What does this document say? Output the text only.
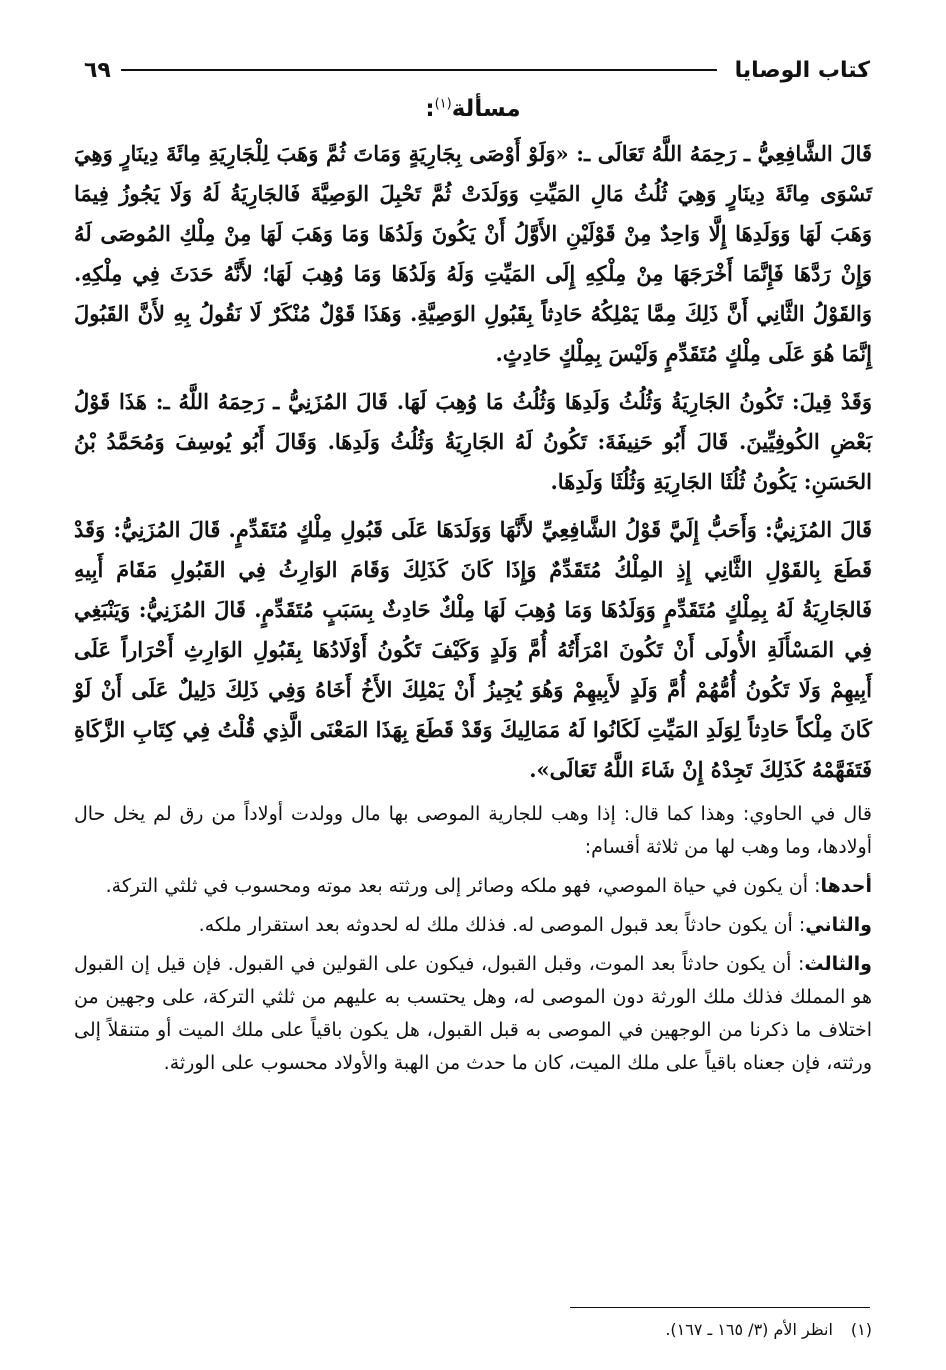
كتاب الوصايا
٦٩
مسألة$^{(١)}$:

قَالَ الشَّافِعِيُّ ـ رَحِمَهُ اللَّهُ تَعَالَى ـ: «وَلَوْ أَوْصَى بِجَارِيَةٍ وَمَاتَ ثُمَّ وَهَبَ لِلْجَارِيَةِ مِائَةَ دِينَارٍ وَهِيَ تَسْوَى مِائَةَ دِينَارٍ وَهِيَ ثُلُثُ مَالِ المَيِّتِ وَوَلَدَتْ ثُمَّ تَحْبِلَ الوَصِيَّةَ فَالجَارِيَةُ لَهُ وَلَا يَجُوزُ فِيمَا وَهَبَ لَهَا وَوَلَدِهَا إِلَّا وَاحِدٌ مِنْ قَوْلَيْنِ الأَوَّلُ أَنْ يَكُونَ وَلَدُهَا وَمَا وَهَبَ لَهَا مِنْ مِلْكِ المُوصَى لَهُ وَإِنْ رَدَّهَا فَإِنَّمَا أَخْرَجَهَا مِنْ مِلْكِهِ إِلَى المَيِّتِ وَلَهُ وَلَدُهَا وَمَا وُهِبَ لَهَا؛ لأَنَّهُ حَدَثَ فِي مِلْكِهِ. وَالقَوْلُ الثَّانِي أَنَّ ذَلِكَ مِمَّا يَمْلِكُهُ حَادِثاً بِقَبُولِ الوَصِيَّةِ. وَهَذَا قَوْلٌ مُنْكَرٌ لَا نَقُولُ بِهِ لأَنَّ القَبُولَ إِنَّمَا هُوَ عَلَى مِلْكٍ مُتَقَدِّمٍ وَلَيْسَ بِمِلْكٍ حَادِثٍ.

وَقَدْ قِيلَ: تَكُونُ الجَارِيَةُ وَثُلُثُ وَلَدِهَا وَثُلُثُ مَا وُهِبَ لَهَا. قَالَ المُزَنِيُّ ـ رَحِمَهُ اللَّهُ ـ: هَذَا قَوْلُ بَعْضِ الكُوفِيِّينَ. قَالَ أَبُو حَنِيفَةَ: تَكُونُ لَهُ الجَارِيَةُ وَثُلُثُ وَلَدِهَا. وَقَالَ أَبُو يُوسِفَ وَمُحَمَّدُ بْنُ الحَسَنِ: يَكُونُ ثُلُثَا الجَارِيَةِ وَثُلُثَا وَلَدِهَا.

قَالَ المُزَنِيُّ: وَأَحَبُّ إِلَيَّ قَوْلُ الشَّافِعِيِّ لأَنَّهَا وَوَلَدَهَا عَلَى قَبُولِ مِلْكٍ مُتَقَدِّمٍ. قَالَ المُزَنِيُّ: وَقَدْ قَطَعَ بِالقَوْلِ الثَّانِي إِذِ المِلْكُ مُتَقَدِّمٌ وَإِذَا كَانَ كَذَلِكَ وَقَامَ الوَارِثُ فِي القَبُولِ مَقَامَ أَبِيهِ فَالجَارِيَةُ لَهُ بِمِلْكٍ مُتَقَدِّمٍ وَوَلَدُهَا وَمَا وُهِبَ لَهَا مِلْكٌ حَادِثٌ بِسَبَبٍ مُتَقَدِّمٍ. قَالَ المُزَنِيُّ: وَيَنْبَغِي فِي المَسْأَلَةِ الأُولَى أَنْ تَكُونَ امْرَأَتُهُ أُمَّ وَلَدٍ وَكَيْفَ تَكُونُ أَوْلَادُهَا بِقَبُولِ الوَارِثِ أَحْرَاراً عَلَى أَبِيهِمْ وَلَا تَكُونُ أُمُّهُمْ أُمَّ وَلَدٍ لأَبِيهِمْ وَهُوَ يُجِيزُ أَنْ يَمْلِكَ الأَخُ أَخَاهُ وَفِي ذَلِكَ دَلِيلٌ عَلَى أَنْ لَوْ كَانَ مِلْكاً حَادِثاً لِوَلَدِ المَيِّتِ لَكَانُوا لَهُ مَمَالِيكَ وَقَدْ قَطَعَ بِهَذَا المَعْنَى الَّذِي قُلْتُ فِي كِتَابِ الزَّكَاةِ فَتَفَهَّمْهُ كَذَلِكَ تَجِدْهُ إِنْ شَاءَ اللَّهُ تَعَالَى».

قال في الحاوي: وهذا كما قال: إذا وهب للجارية الموصى بها مال وولدت أولاداً من رق لم يخل حال أولادها، وما وهب لها من ثلاثة أقسام:

أحدها: أن يكون في حياة الموصي، فهو ملكه وصائر إلى ورثته بعد موته ومحسوب في ثلثي التركة.

والثاني: أن يكون حادثاً بعد قبول الموصى له. فذلك ملك له لحدوثه بعد استقرار ملكه.

والثالث: أن يكون حادثاً بعد الموت، وقبل القبول، فيكون على القولين في القبول. فإن قيل إن القبول هو المملك فذلك ملك الورثة دون الموصى له، وهل يحتسب به عليهم من ثلثي التركة، على وجهين من اختلاف ما ذكرنا من الوجهين في الموصى به قبل القبول، هل يكون باقياً على ملك الميت أو متنقلاً إلى ورثته، فإن جعناه باقياً على ملك الميت، كان ما حدث من الهبة والأولاد محسوب على الورثة.

(١)انظر الأم (٣/ ١٦٥ ـ ١٦٧).
